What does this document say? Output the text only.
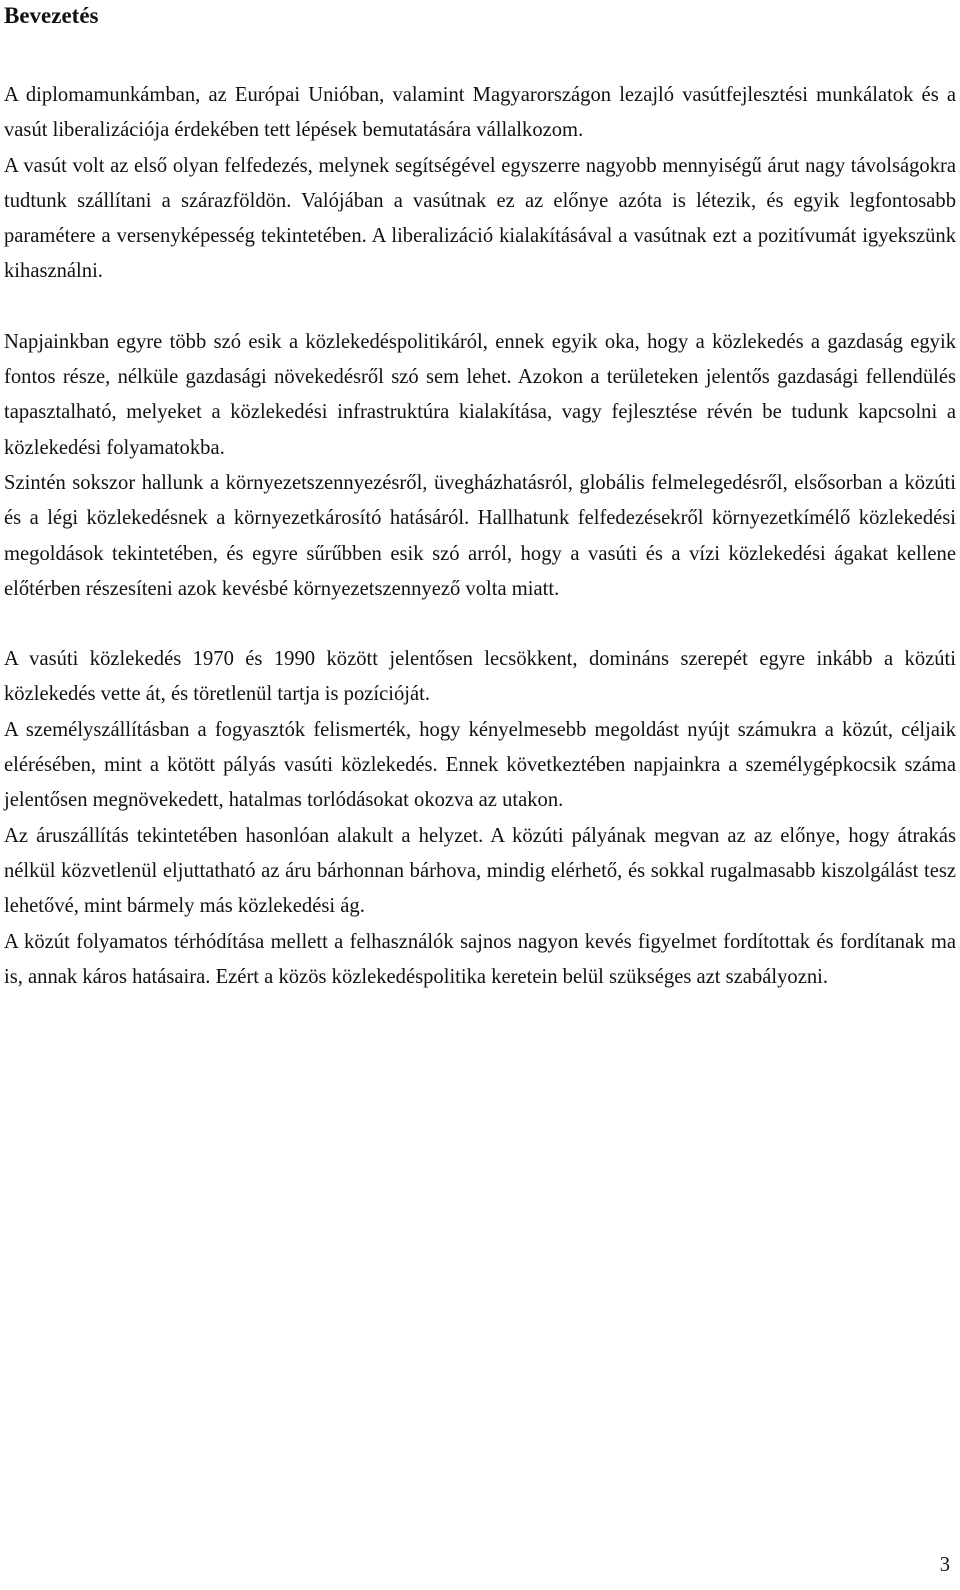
Bevezetés

A diplomamunkámban, az Európai Unióban, valamint Magyarországon lezajló vasútfejlesztési munkálatok és a vasút liberalizációja érdekében tett lépések bemutatására vállalkozom.

A vasút volt az első olyan felfedezés, melynek segítségével egyszerre nagyobb mennyiségű árut nagy távolságokra tudtunk szállítani a szárazföldön. Valójában a vasútnak ez az előnye azóta is létezik, és egyik legfontosabb paramétere a versenyképesség tekintetében. A liberalizáció kialakításával a vasútnak ezt a pozitívumát igyekszünk kihasználni.

Napjainkban egyre több szó esik a közlekedéspolitikáról, ennek egyik oka, hogy a közlekedés a gazdaság egyik fontos része, nélküle gazdasági növekedésről szó sem lehet. Azokon a területeken jelentős gazdasági fellendülés tapasztalható, melyeket a közlekedési infrastruktúra kialakítása, vagy fejlesztése révén be tudunk kapcsolni a közlekedési folyamatokba.

Szintén sokszor hallunk a környezetszennyezésről, üvegházhatásról, globális felmelegedésről, elsősorban a közúti és a légi közlekedésnek a környezetkárosító hatásáról. Hallhatunk felfedezésekről környezetkímélő közlekedési megoldások tekintetében, és egyre sűrűbben esik szó arról, hogy a vasúti és a vízi közlekedési ágakat kellene előtérben részesíteni azok kevésbé környezetszennyező volta miatt.

A vasúti közlekedés 1970 és 1990 között jelentősen lecsökkent, domináns szerepét egyre inkább a közúti közlekedés vette át, és töretlenül tartja is pozícióját.

A személyszállításban a fogyasztók felismerték, hogy kényelmesebb megoldást nyújt számukra a közút, céljaik elérésében, mint a kötött pályás vasúti közlekedés. Ennek következtében napjainkra a személygépkocsik száma jelentősen megnövekedett, hatalmas torlódásokat okozva az utakon.

Az áruszállítás tekintetében hasonlóan alakult a helyzet. A közúti pályának megvan az az előnye, hogy átrakás nélkül közvetlenül eljuttatható az áru bárhonnan bárhova, mindig elérhető, és sokkal rugalmasabb kiszolgálást tesz lehetővé, mint bármely más közlekedési ág.

A közút folyamatos térhódítása mellett a felhasználók sajnos nagyon kevés figyelmet fordítottak és fordítanak ma is, annak káros hatásaira. Ezért a közös közlekedéspolitika keretein belül szükséges azt szabályozni.

3
